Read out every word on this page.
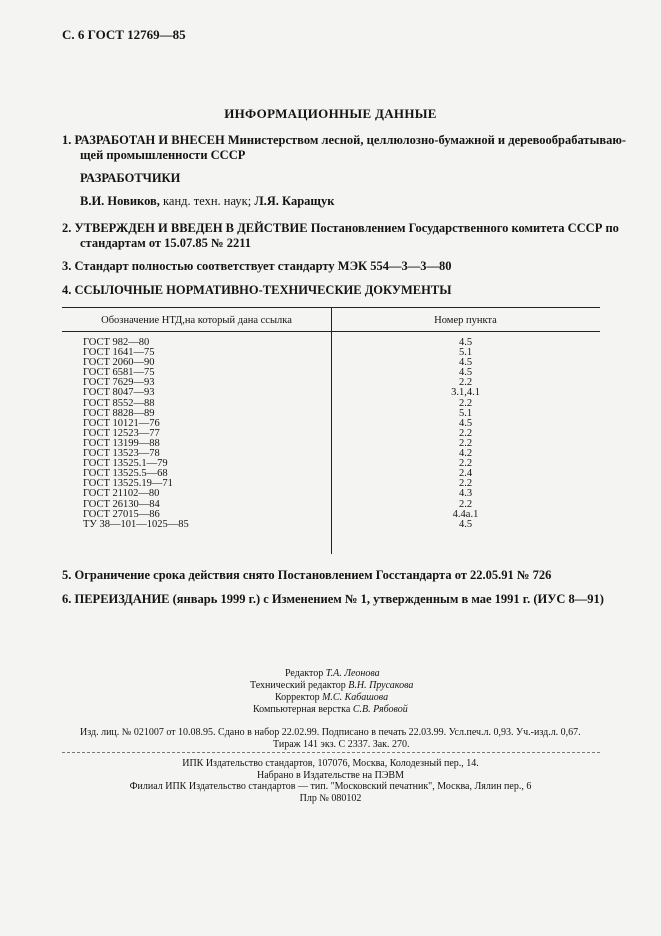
С. 6 ГОСТ 12769—85
ИНФОРМАЦИОННЫЕ ДАННЫЕ
1. РАЗРАБОТАН И ВНЕСЕН Министерством лесной, целлюлозно-бумажной и деревообрабатываю-
щей промышленности СССР
РАЗРАБОТЧИКИ
В.И. Новиков, канд. техн. наук; Л.Я. Каращук
2. УТВЕРЖДЕН И ВВЕДЕН В ДЕЙСТВИЕ Постановлением Государственного комитета СССР по
стандартам от 15.07.85 № 2211
3. Стандарт полностью соответствует стандарту МЭК 554—3—3—80
4. ССЫЛОЧНЫЕ НОРМАТИВНО-ТЕХНИЧЕСКИЕ ДОКУМЕНТЫ
Обозначение НТД,на который дана ссылка	Номер пункта
ГОСТ 982—80
ГОСТ 1641—75
ГОСТ 2060—90
ГОСТ 6581—75
ГОСТ 7629—93
ГОСТ 8047—93
ГОСТ 8552—88
ГОСТ 8828—89
ГОСТ 10121—76
ГОСТ 12523—77
ГОСТ 13199—88
ГОСТ 13523—78
ГОСТ 13525.1—79
ГОСТ 13525.5—68
ГОСТ 13525.19—71
ГОСТ 21102—80
ГОСТ 26130—84
ГОСТ 27015—86
ТУ 38—101—1025—85
4.5
5.1
4.5
4.5
2.2
3.1,4.1
2.2
5.1
4.5
2.2
2.2
4.2
2.2
2.4
2.2
4.3
2.2
4.4а.1
4.5
5. Ограничение срока действия снято Постановлением Госстандарта от 22.05.91 № 726
6. ПЕРЕИЗДАНИЕ (январь 1999 г.) с Изменением № 1, утвержденным в мае 1991 г. (ИУС 8—91)
Редактор Т.А. Леонова
Технический редактор В.Н. Прусакова
Корректор М.С. Кабашова
Компьютерная верстка С.В. Рябовой
Изд. лиц. № 021007 от 10.08.95. Сдано в набор 22.02.99. Подписано в печать 22.03.99. Усл.печ.л. 0,93. Уч.-изд.л. 0,67.
Тираж 141 экз. С 2337. Зак. 270.
ИПК Издательство стандартов, 107076, Москва, Колодезный пер., 14.
Набрано в Издательстве на ПЭВМ
Филиал ИПК Издательство стандартов — тип. "Московский печатник", Москва, Лялин пер., 6
Плр № 080102
